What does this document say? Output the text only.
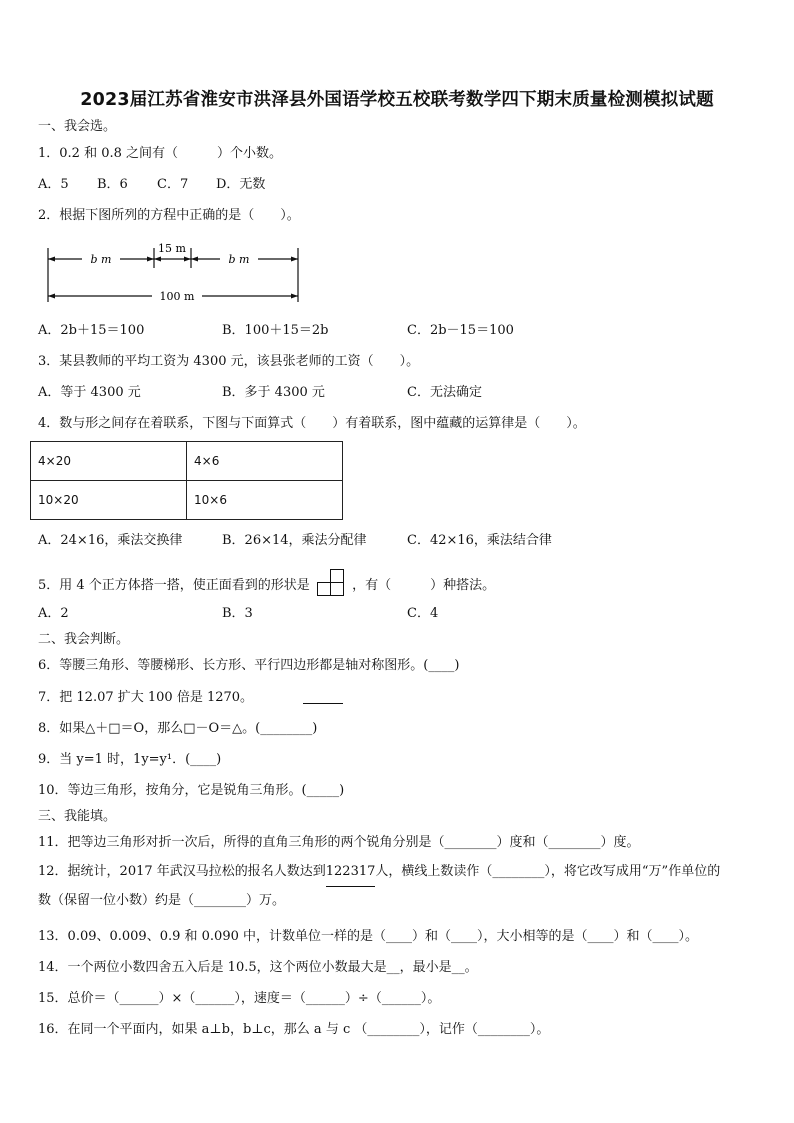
2023届江苏省淮安市洪泽县外国语学校五校联考数学四下期末质量检测模拟试题
一、我会选。
1．0.2 和 0.8 之间有（　　　）个小数。
A．5 B．6 C．7 D．无数
2．根据下图所列的方程中正确的是（　　）。
b m
15 m
b m
100 m
A．2b＋15＝100	B．100＋15＝2b	C．2b－15＝100
3．某县教师的平均工资为 4300 元，该县张老师的工资（　　）。
A．等于 4300 元	B．多于 4300 元	C．无法确定
4．数与形之间存在着联系，下图与下面算式（　　）有着联系，图中蕴藏的运算律是（　　）。
4×20	4×6
10×20	10×6
A．24×16，乘法交换律	B．26×14，乘法分配律	C．42×16，乘法结合律
5．用 4 个正方体搭一搭，使正面看到的形状是	，有（　　　）种搭法。
A．2	B．3	C．4
二、我会判断。
6．等腰三角形、等腰梯形、长方形、平行四边形都是轴对称图形。(____)
7．把 12.07 扩大 100 倍是 1270。
8．如果△＋□＝O，那么□－O＝△。(________)
9．当 y=1 时，1y=y¹．(____)
10．等边三角形，按角分，它是锐角三角形。(_____)
三、我能填。
11．把等边三角形对折一次后，所得的直角三角形的两个锐角分别是（________）度和（________）度。
12．据统计，2017 年武汉马拉松的报名人数达到122317人，横线上数读作（________），将它改写成用“万”作单位的
数（保留一位小数）约是（________）万。
13．0.09、0.009、0.9 和 0.090 中，计数单位一样的是（____）和（____），大小相等的是（____）和（____）。
14．一个两位小数四舍五入后是 10.5，这个两位小数最大是__，最小是__。
15．总价＝（______）×（______），速度＝（______）÷（______）。
16．在同一个平面内，如果 a⊥b，b⊥c，那么 a 与 c （________），记作（________）。
